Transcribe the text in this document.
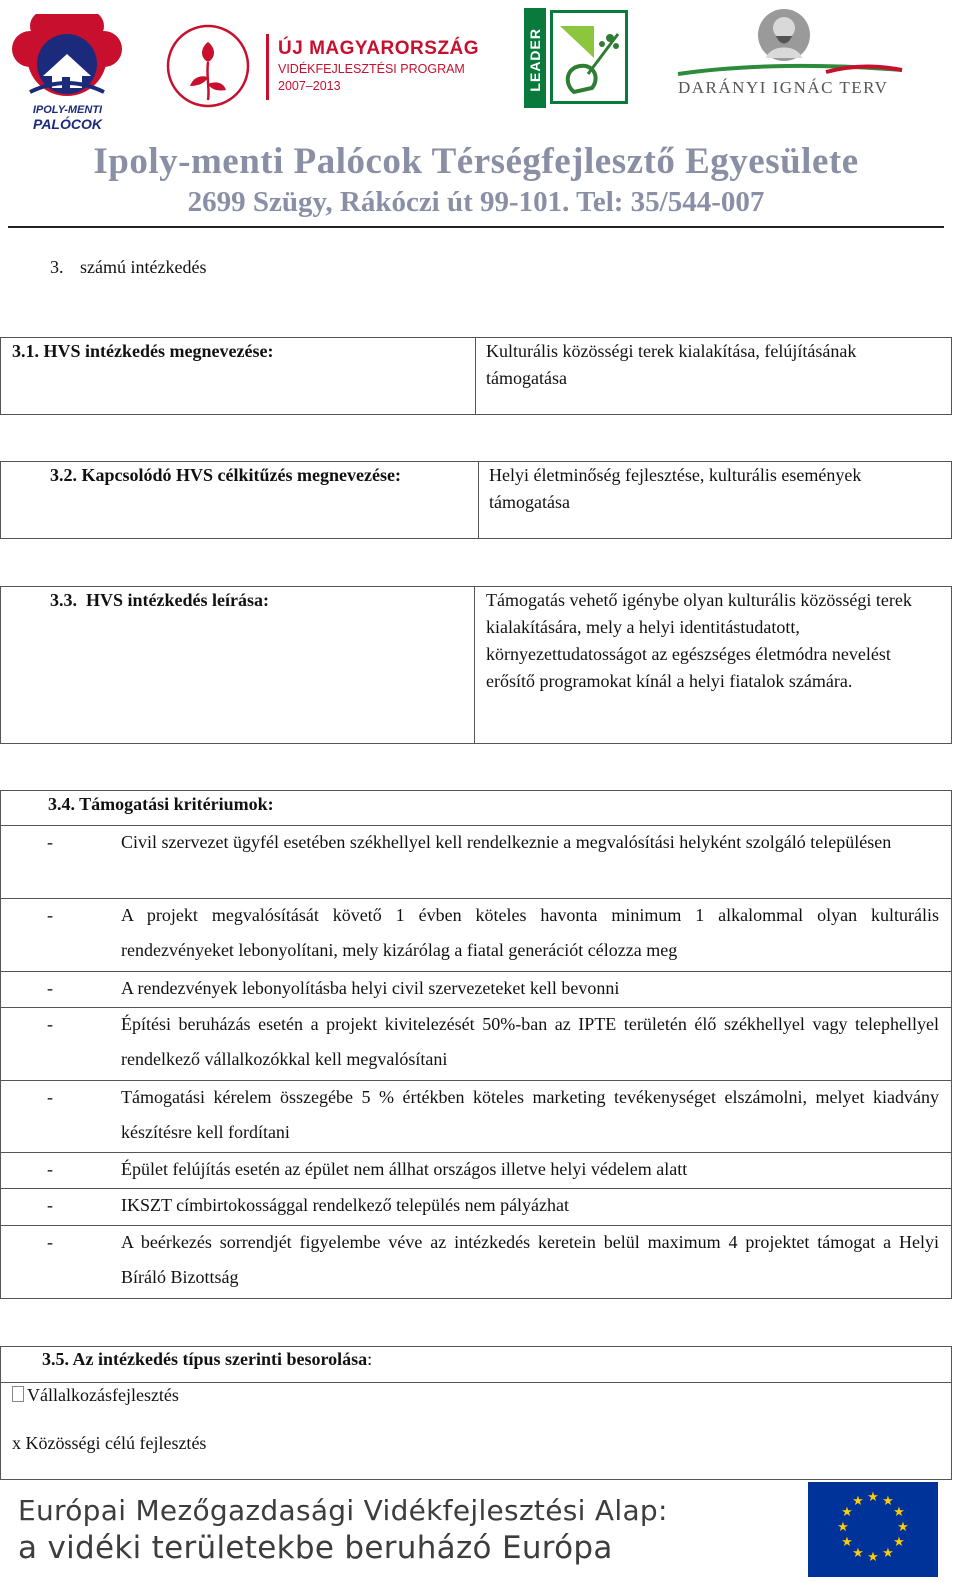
IPOLY-MENTI
PALÓCOK
ÚJ MAGYARORSZÁG
VIDÉKFEJLESZTÉSI PROGRAM
2007–2013	LEADER	DARÁNYI IGNÁC TERV
Ipoly-menti Palócok Térségfejlesztő Egyesülete
2699 Szügy, Rákóczi út 99-101. Tel: 35/544-007
3. számú intézkedés
3.1. HVS intézkedés megnevezése:	Kulturális közösségi terek kialakítása, felújításának támogatása
3.2. Kapcsolódó HVS célkitűzés megnevezése:	Helyi életminőség fejlesztése, kulturális események támogatása
3.3.  HVS intézkedés leírása:	Támogatás vehető igénybe olyan kulturális közösségi terek kialakítására, mely a helyi identitástudatott, környezettudatosságot az egészséges életmódra nevelést erősítő programokat kínál a helyi fiatalok számára.
3.4. Támogatási kritériumok:
-	Civil szervezet ügyfél esetében székhellyel kell rendelkeznie a megvalósítási helyként szolgáló településen
-	A projekt megvalósítását követő 1 évben köteles havonta minimum 1 alkalommal olyan kulturális rendezvényeket lebonyolítani, mely kizárólag a fiatal generációt célozza meg
-	A rendezvények lebonyolításba helyi civil szervezeteket kell bevonni
-	Építési beruházás esetén a projekt kivitelezését 50%-ban az IPTE területén élő székhellyel vagy telephellyel rendelkező vállalkozókkal kell megvalósítani
-	Támogatási kérelem összegébe 5 % értékben köteles marketing tevékenységet elszámolni, melyet kiadvány készítésre kell fordítani
-	Épület felújítás esetén az épület nem állhat országos illetve helyi védelem alatt
-	IKSZT címbirtokossággal rendelkező település nem pályázhat
-	A beérkezés sorrendjét figyelembe véve az intézkedés keretein belül maximum 4 projektet támogat a Helyi Bíráló Bizottság
3.5. Az intézkedés típus szerinti besorolása:
Vállalkozásfejlesztés
x Közösségi célú fejlesztés
Európai Mezőgazdasági Vidékfejlesztési Alap:
a vidéki területekbe beruházó Európa
★ ★
★
★
★
★
★
★
★
★
★
★
